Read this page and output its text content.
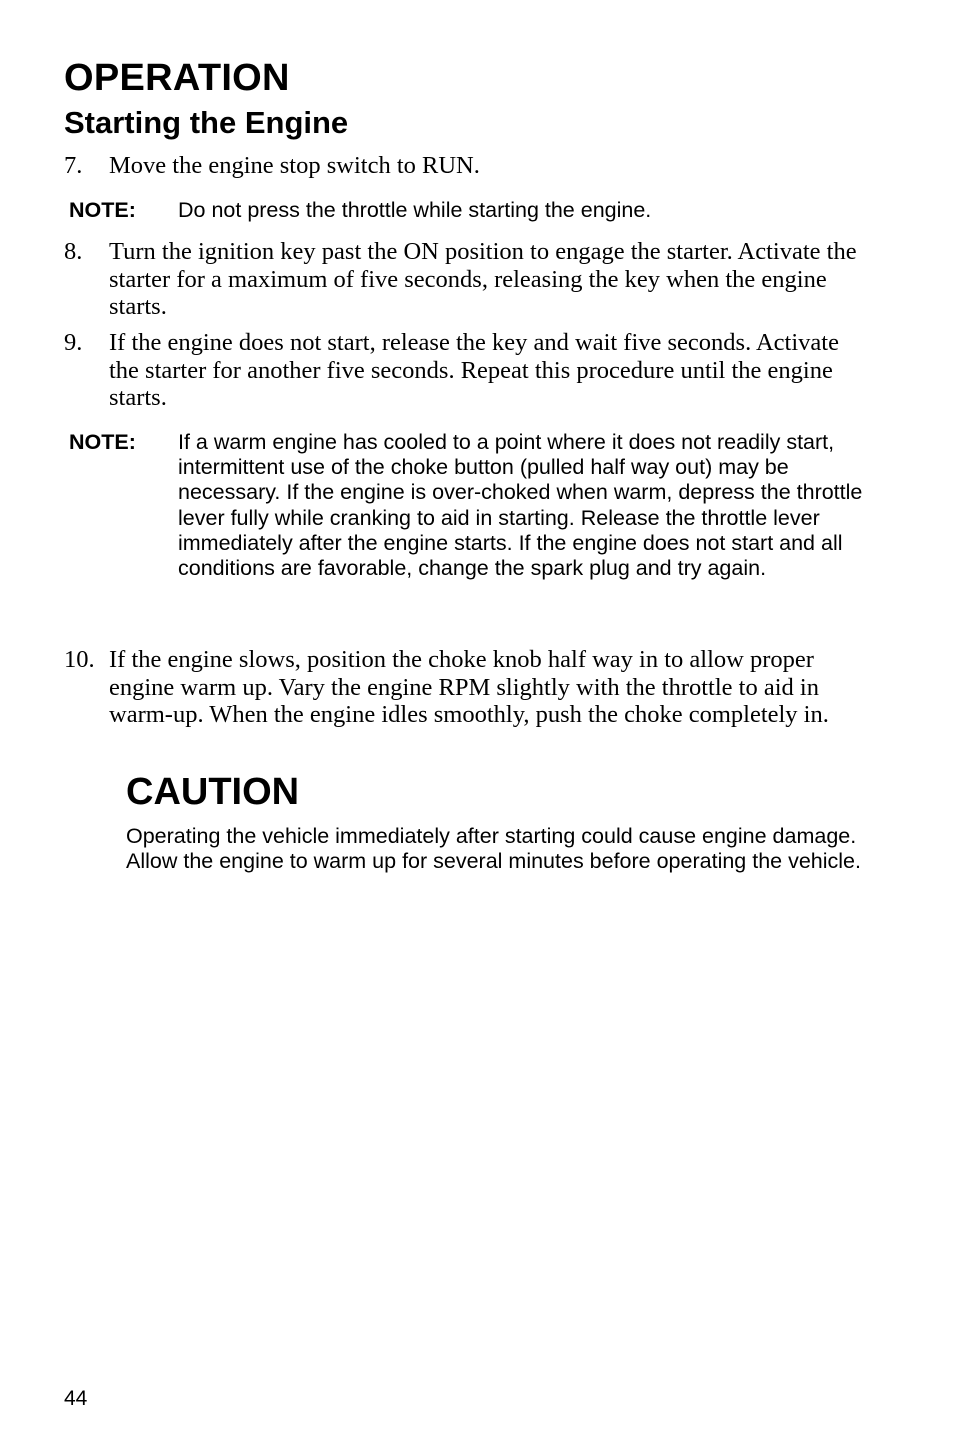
OPERATION
Starting the Engine
7. Move the engine stop switch to RUN.
NOTE: Do not press the throttle while starting the engine.
8. Turn the ignition key past the ON position to engage the starter. Activate the starter for a maximum of five seconds, releasing the key when the engine starts.
9. If the engine does not start, release the key and wait five seconds. Activate the starter for another five seconds. Repeat this procedure until the engine starts.
NOTE: If a warm engine has cooled to a point where it does not readily start, intermittent use of the choke button (pulled half way out) may be necessary. If the engine is over-choked when warm, depress the throttle lever fully while cranking to aid in starting. Release the throttle lever immediately after the engine starts. If the engine does not start and all conditions are favorable, change the spark plug and try again.
10. If the engine slows, position the choke knob half way in to allow proper engine warm up. Vary the engine RPM slightly with the throttle to aid in warm-up. When the engine idles smoothly, push the choke completely in.
CAUTION
Operating the vehicle immediately after starting could cause engine damage. Allow the engine to warm up for several minutes before operating the vehicle.
44
